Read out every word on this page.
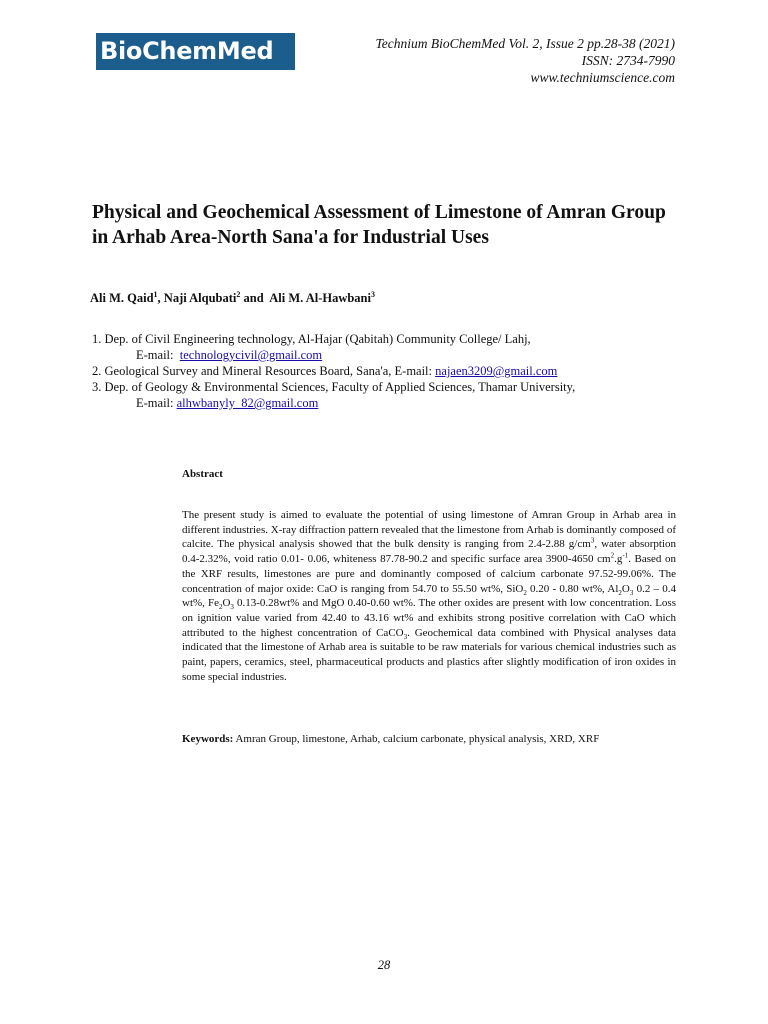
BioChemMed	Technium BioChemMed Vol. 2, Issue 2 pp.28-38 (2021)
ISSN: 2734-7990
www.techniumscience.com
Physical and Geochemical Assessment of Limestone of Amran Group in Arhab Area-North Sana'a for Industrial Uses
Ali M. Qaid$^1$, Naji Alqubati$^2$ and  Ali M. Al-Hawbani$^3$
1. Dep. of Civil Engineering technology, Al-Hajar (Qabitah) Community College/ Lahj,
E-mail: technologycivil@gmail.com
2. Geological Survey and Mineral Resources Board, Sana'a, E-mail: najaen3209@gmail.com
3. Dep. of Geology & Environmental Sciences, Faculty of Applied Sciences, Thamar University,
E-mail: alhwbanyly_82@gmail.com
Abstract

The present study is aimed to evaluate the potential of using limestone of Amran Group in Arhab area in different industries. X-ray diffraction pattern revealed that the limestone from Arhab is dominantly composed of calcite. The physical analysis showed that the bulk density is ranging from 2.4-2.88 $g/cm^3$, water absorption 0.4-2.32%, void ratio 0.01- 0.06, whiteness 87.78-90.2 and specific surface area 3900-4650 $cm^2.g^{-1}$. Based on the XRF results, limestones are pure and dominantly composed of calcium carbonate 97.52-99.06%. The concentration of major oxide: CaO is ranging from 54.70 to 55.50 wt%, SiO$_2$ 0.20 - 0.80 wt%, $Al_2O_3$ 0.2 – 0.4 wt%, $Fe_2O_3$ 0.13-0.28wt% and MgO 0.40-0.60 wt%. The other oxides are present with low concentration. Loss on ignition value varied from 42.40 to 43.16 wt% and exhibits strong positive correlation with CaO which attributed to the highest concentration of CaCO$_3$. Geochemical data combined with Physical analyses data indicated that the limestone of Arhab area is suitable to be raw materials for various chemical industries such as paint, papers, ceramics, steel, pharmaceutical products and plastics after slightly modification of iron oxides in some special industries.

Keywords: Amran Group, limestone, Arhab, calcium carbonate, physical analysis, XRD, XRF
28
